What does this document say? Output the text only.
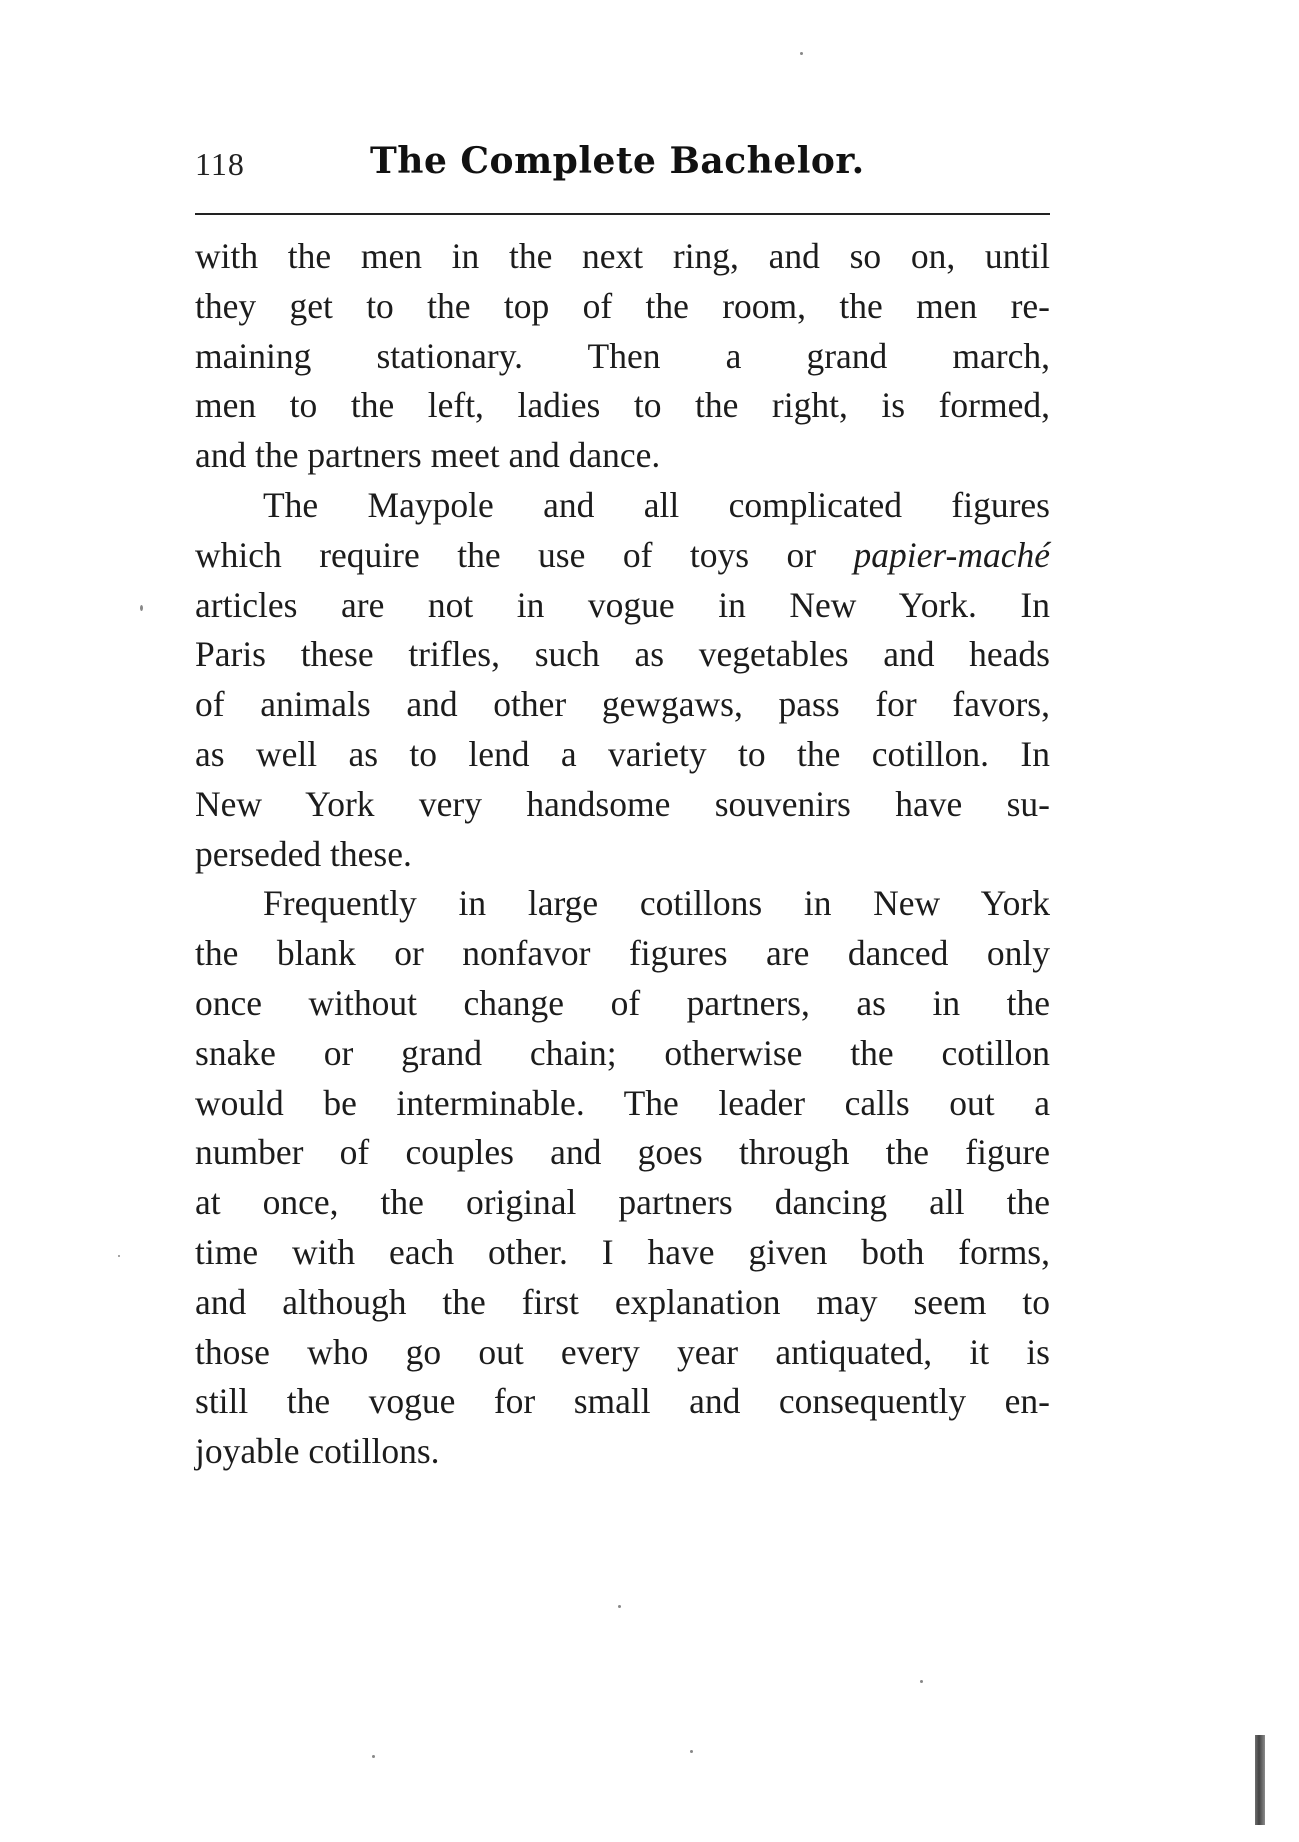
118	The Complete Bachelor.

with the men in the next ring, and so on, until
they get to the top of the room, the men re-
maining stationary. Then a grand march,
men to the left, ladies to the right, is formed,
and the partners meet and dance.

The Maypole and all complicated figures
which require the use of toys or papier-maché
articles are not in vogue in New York. In
Paris these trifles, such as vegetables and heads
of animals and other gewgaws, pass for favors,
as well as to lend a variety to the cotillon. In
New York very handsome souvenirs have su-
perseded these.

Frequently in large cotillons in New York
the blank or nonfavor figures are danced only
once without change of partners, as in the
snake or grand chain; otherwise the cotillon
would be interminable. The leader calls out a
number of couples and goes through the figure
at once, the original partners dancing all the
time with each other. I have given both forms,
and although the first explanation may seem to
those who go out every year antiquated, it is
still the vogue for small and consequently en-
joyable cotillons.
